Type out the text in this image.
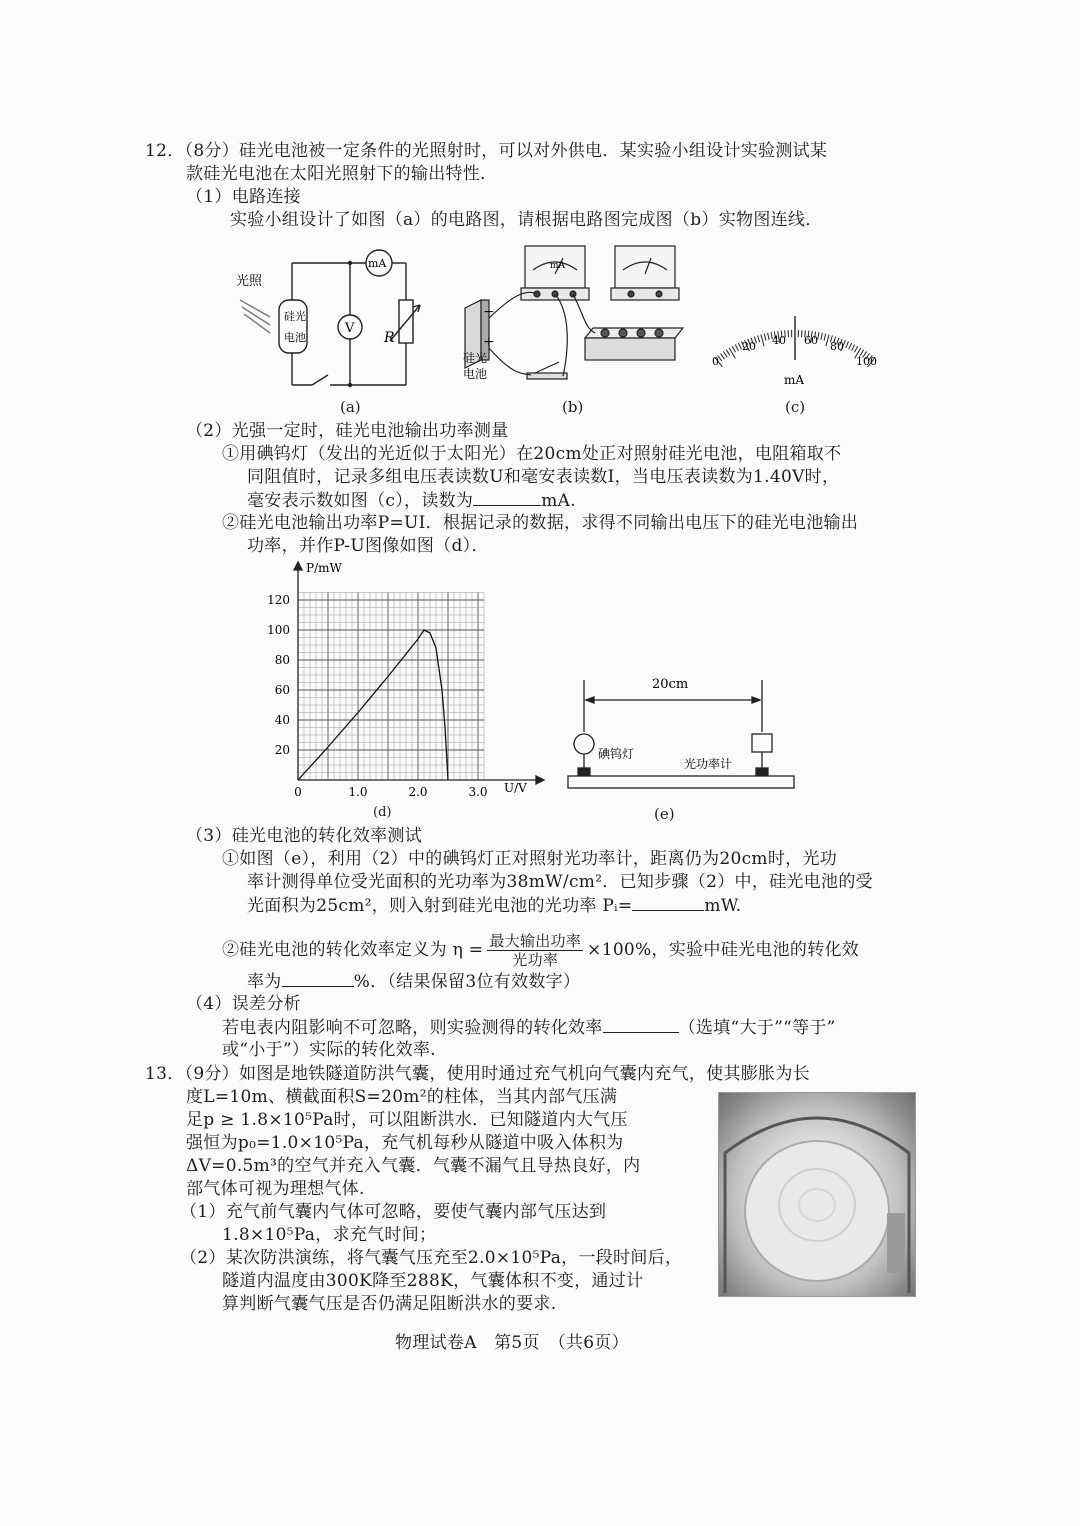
12．（8分）硅光电池被一定条件的光照射时，可以对外供电．某实验小组设计实验测试某
款硅光电池在太阳光照射下的输出特性．
（1）电路连接
实验小组设计了如图（a）的电路图，请根据电路图完成图（b）实物图连线．
光照
硅光
电池
mA
V
R
(a)
−
+
mA
硅光
电池
(b)
0
20 40 60 80
100
mA
(c)
（2）光强一定时，硅光电池输出功率测量
①用碘钨灯（发出的光近似于太阳光）在20cm处正对照射硅光电池，电阻箱取不
同阻值时，记录多组电压表读数U和毫安表读数I，当电压表读数为1.40V时，
毫安表示数如图（c），读数为	mA.
②硅光电池输出功率P=UI．根据记录的数据，求得不同输出电压下的硅光电池输出
功率，并作P-U图像如图（d）．
20
40
60
80
100
120
0	1.0	2.0	3.0
P/mW
U/V
(d)
20cm
碘钨灯
光功率计
(e)
（3）硅光电池的转化效率测试
①如图（e），利用（2）中的碘钨灯正对照射光功率计，距离仍为20cm时，光功
率计测得单位受光面积的光功率为38mW/cm²．已知步骤（2）中，硅光电池的受
光面积为25cm²，则入射到硅光电池的光功率 Pᵢ=	mW.
②硅光电池的转化效率定义为 $\eta = \frac{\text{最大输出功率}}{\text{光功率}} \times 100\%$，实验中硅光电池的转化效
率为	%．（结果保留3位有效数字）
（4）误差分析
若电表内阻影响不可忽略，则实验测得的转化效率	（选填“大于”“等于”
或“小于”）实际的转化效率.
13．（9分）如图是地铁隧道防洪气囊，使用时通过充气机向气囊内充气，使其膨胀为长
度L=10m、横截面积S=20m²的柱体，当其内部气压满
足p ≥ 1.8×10⁵Pa时，可以阻断洪水．已知隧道内大气压
强恒为p₀=1.0×10⁵Pa，充气机每秒从隧道中吸入体积为
ΔV=0.5m³的空气并充入气囊．气囊不漏气且导热良好，内
部气体可视为理想气体.
（1）充气前气囊内气体可忽略，要使气囊内部气压达到
1.8×10⁵Pa，求充气时间；
（2）某次防洪演练，将气囊气压充至2.0×10⁵Pa，一段时间后，
隧道内温度由300K降至288K，气囊体积不变，通过计
算判断气囊气压是否仍满足阻断洪水的要求.
物理试卷A　第5页　（共6页）
